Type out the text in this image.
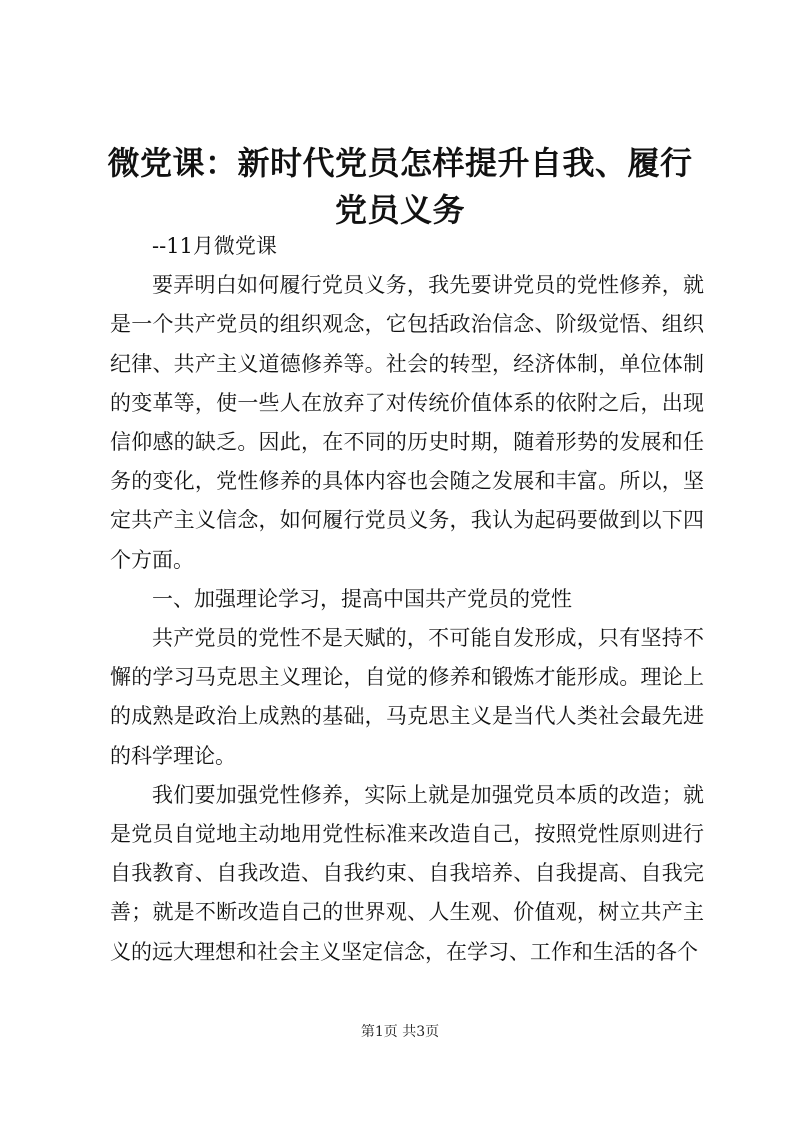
微党课：新时代党员怎样提升自我、履行党员义务

--11月微党课

要弄明白如何履行党员义务，我先要讲党员的党性修养，就是一个共产党员的组织观念，它包括政治信念、阶级觉悟、组织纪律、共产主义道德修养等。社会的转型，经济体制，单位体制的变革等，使一些人在放弃了对传统价值体系的依附之后，出现信仰感的缺乏。因此，在不同的历史时期，随着形势的发展和任务的变化，党性修养的具体内容也会随之发展和丰富。所以，坚定共产主义信念，如何履行党员义务，我认为起码要做到以下四个方面。

一、加强理论学习，提高中国共产党员的党性

共产党员的党性不是天赋的，不可能自发形成，只有坚持不懈的学习马克思主义理论，自觉的修养和锻炼才能形成。理论上的成熟是政治上成熟的基础，马克思主义是当代人类社会最先进的科学理论。

我们要加强党性修养，实际上就是加强党员本质的改造；就是党员自觉地主动地用党性标准来改造自己，按照党性原则进行自我教育、自我改造、自我约束、自我培养、自我提高、自我完善；就是不断改造自己的世界观、人生观、价值观，树立共产主义的远大理想和社会主义坚定信念，在学习、工作和生活的各个

第1页 共3页
